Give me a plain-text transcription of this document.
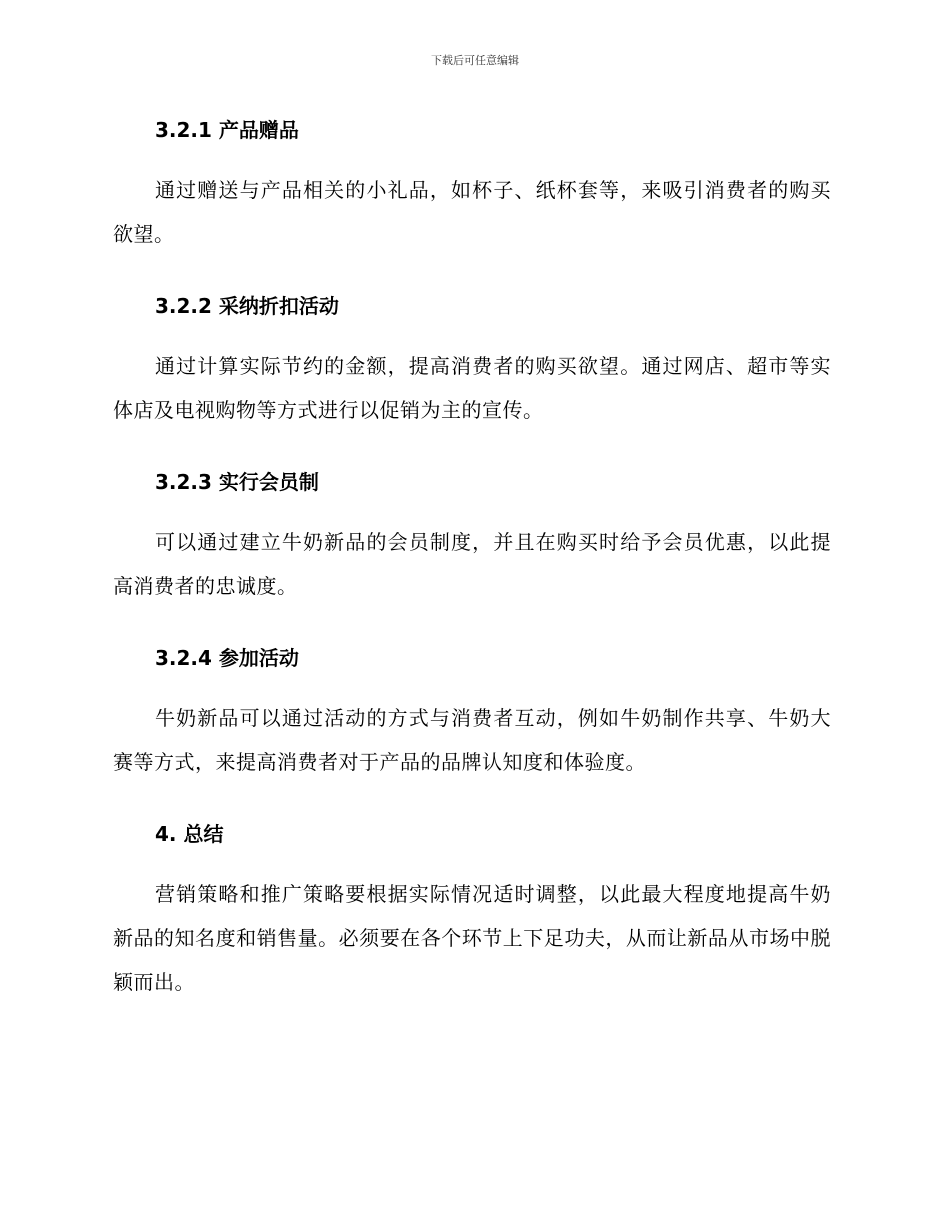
下载后可任意编辑
3.2.1 产品赠品

通过赠送与产品相关的小礼品，如杯子、纸杯套等，来吸引消费者的购买欲望。

3.2.2 采纳折扣活动

通过计算实际节约的金额，提高消费者的购买欲望。通过网店、超市等实体店及电视购物等方式进行以促销为主的宣传。

3.2.3 实行会员制

可以通过建立牛奶新品的会员制度，并且在购买时给予会员优惠，以此提高消费者的忠诚度。

3.2.4 参加活动

牛奶新品可以通过活动的方式与消费者互动，例如牛奶制作共享、牛奶大赛等方式，来提高消费者对于产品的品牌认知度和体验度。

4. 总结

营销策略和推广策略要根据实际情况适时调整，以此最大程度地提高牛奶新品的知名度和销售量。必须要在各个环节上下足功夫，从而让新品从市场中脱颖而出。
